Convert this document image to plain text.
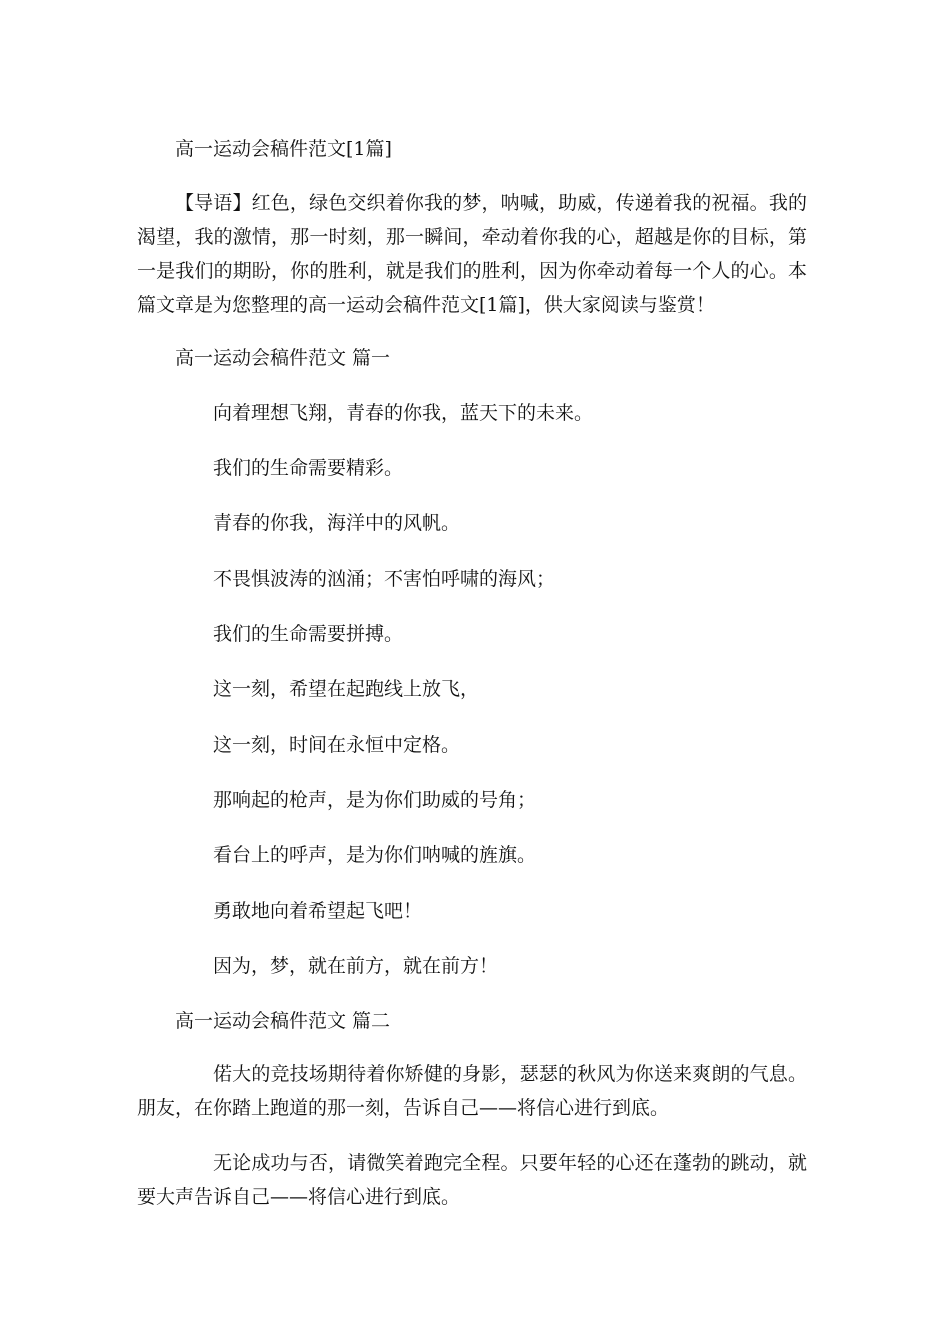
高一运动会稿件范文[1篇]
【导语】红色，绿色交织着你我的梦，呐喊，助威，传递着我的祝福。我的渴望，我的激情，那一时刻，那一瞬间，牵动着你我的心，超越是你的目标，第一是我们的期盼，你的胜利，就是我们的胜利，因为你牵动着每一个人的心。本篇文章是为您整理的高一运动会稿件范文[1篇]，供大家阅读与鉴赏！
高一运动会稿件范文 篇一
向着理想飞翔，青春的你我，蓝天下的未来。
我们的生命需要精彩。
青春的你我，海洋中的风帆。
不畏惧波涛的汹涌；不害怕呼啸的海风；
我们的生命需要拼搏。
这一刻，希望在起跑线上放飞，
这一刻，时间在永恒中定格。
那响起的枪声，是为你们助威的号角；
看台上的呼声，是为你们呐喊的旌旗。
勇敢地向着希望起飞吧！
因为，梦，就在前方，就在前方！
高一运动会稿件范文 篇二
偌大的竞技场期待着你矫健的身影，瑟瑟的秋风为你送来爽朗的气息。朋友，在你踏上跑道的那一刻，告诉自己——将信心进行到底。
无论成功与否，请微笑着跑完全程。只要年轻的心还在蓬勃的跳动，就要大声告诉自己——将信心进行到底。
